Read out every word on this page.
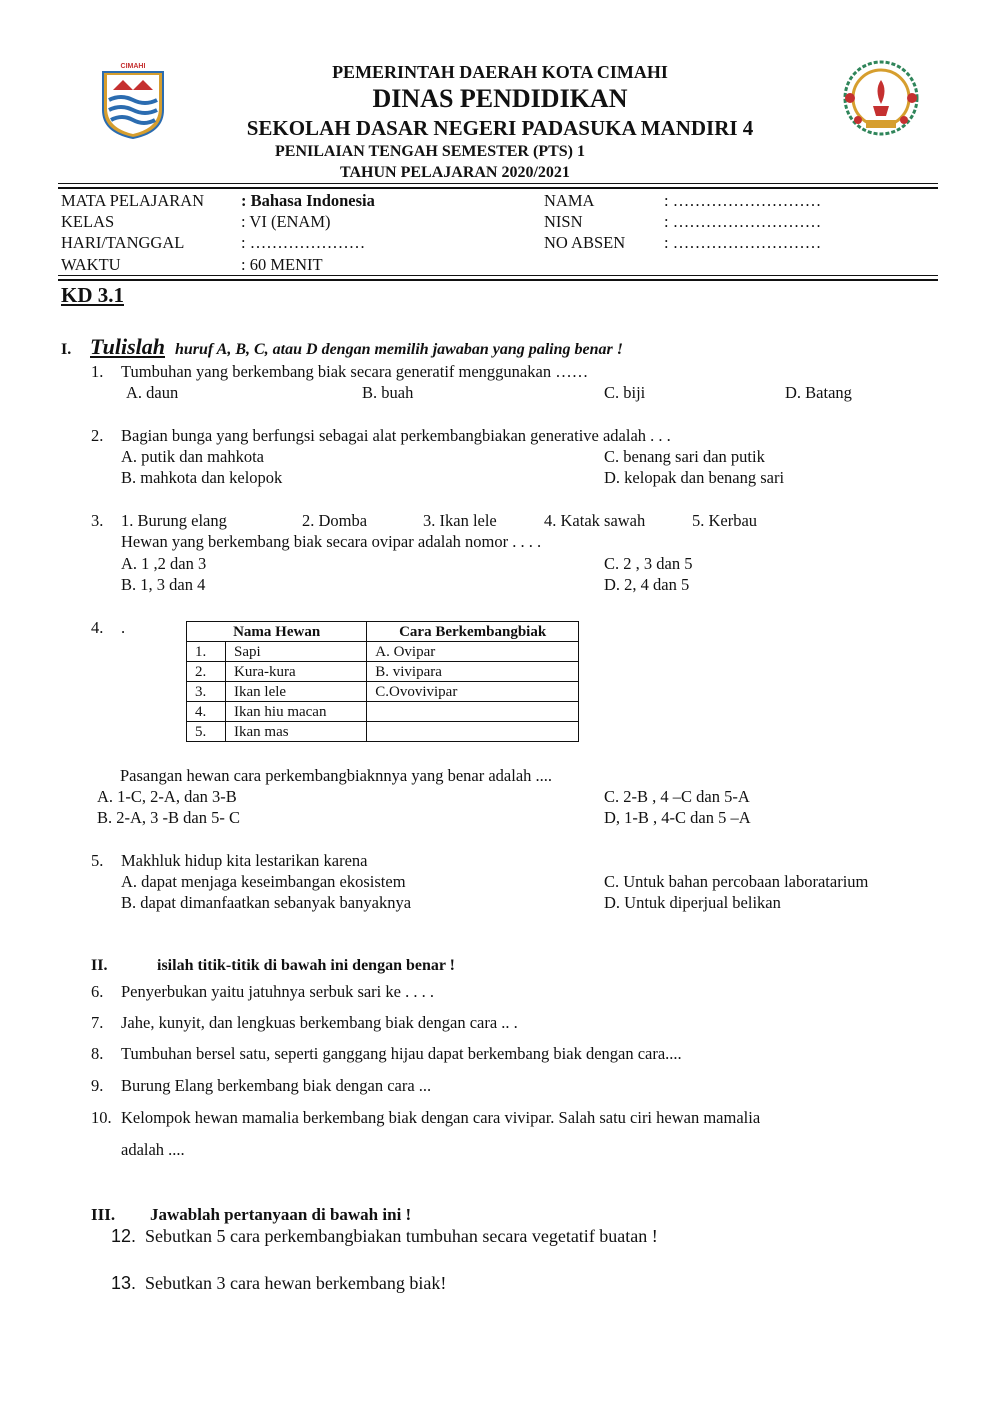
CIMAHI	PEMERINTAH DAERAH KOTA CIMAHI
DINAS PENDIDIKAN
SEKOLAH DASAR NEGERI PADASUKA MANDIRI 4
PENILAIAN TENGAH SEMESTER (PTS) 1
TAHUN PELAJARAN 2020/2021
MATA PELAJARAN : Bahasa Indonesia
KELAS	: VI (ENAM)
HARI/TANGGAL	: …………………
WAKTU	: 60 MENIT
NAMA	: ………………………
NISN	: ………………………
NO ABSEN : ………………………
KD 3.1
I. Tulislah huruf A, B, C, atau D dengan memilih jawaban yang paling benar !
1. Tumbuhan yang berkembang biak secara generatif menggunakan ……
A. daun	B. buah	C. biji	D. Batang
2. Bagian bunga yang berfungsi sebagai alat perkembangbiakan generative adalah . . .
A. putik dan mahkota
B. mahkota dan kelopok
C. benang sari dan putik
D. kelopak dan benang sari
3. 1. Burung elang	2. Domba	3. Ikan lele	4. Katak sawah	5. Kerbau
Hewan yang berkembang biak secara ovipar adalah nomor . . . .
A. 1 ,2 dan 3
B. 1, 3 dan 4
C. 2 , 3 dan 5
D. 2, 4 dan 5
4. .	Nama Hewan		Cara Berkembangbiak
1.	Sapi	A. Ovipar
2.	Kura-kura	B. vivipara
3.	Ikan lele	C.Ovovivipar
4.	Ikan hiu macan	
5.	Ikan mas	
Pasangan hewan cara perkembangbiaknnya yang benar adalah ....
A. 1-C, 2-A, dan 3-B
B. 2-A, 3 -B dan 5- C
C. 2-B , 4 –C dan 5-A
D, 1-B , 4-C dan 5 –A
5. Makhluk hidup kita lestarikan karena
A. dapat menjaga keseimbangan ekosistem
B. dapat dimanfaatkan sebanyak banyaknya
C. Untuk bahan percobaan laboratarium
D. Untuk diperjual belikan
II.	isilah titik-titik di bawah ini dengan benar !
6. Penyerbukan yaitu jatuhnya serbuk sari ke . . . .
7. Jahe, kunyit, dan lengkuas berkembang biak dengan cara .. .
8. Tumbuhan bersel satu, seperti ganggang hijau dapat berkembang biak dengan cara....
9. Burung Elang berkembang biak dengan cara ...
10. Kelompok hewan mamalia berkembang biak dengan cara vivipar. Salah satu ciri hewan mamalia
adalah ....
III. Jawablah pertanyaan di bawah ini !
12. Sebutkan 5 cara perkembangbiakan tumbuhan secara vegetatif buatan !
13. Sebutkan 3 cara hewan berkembang biak!
